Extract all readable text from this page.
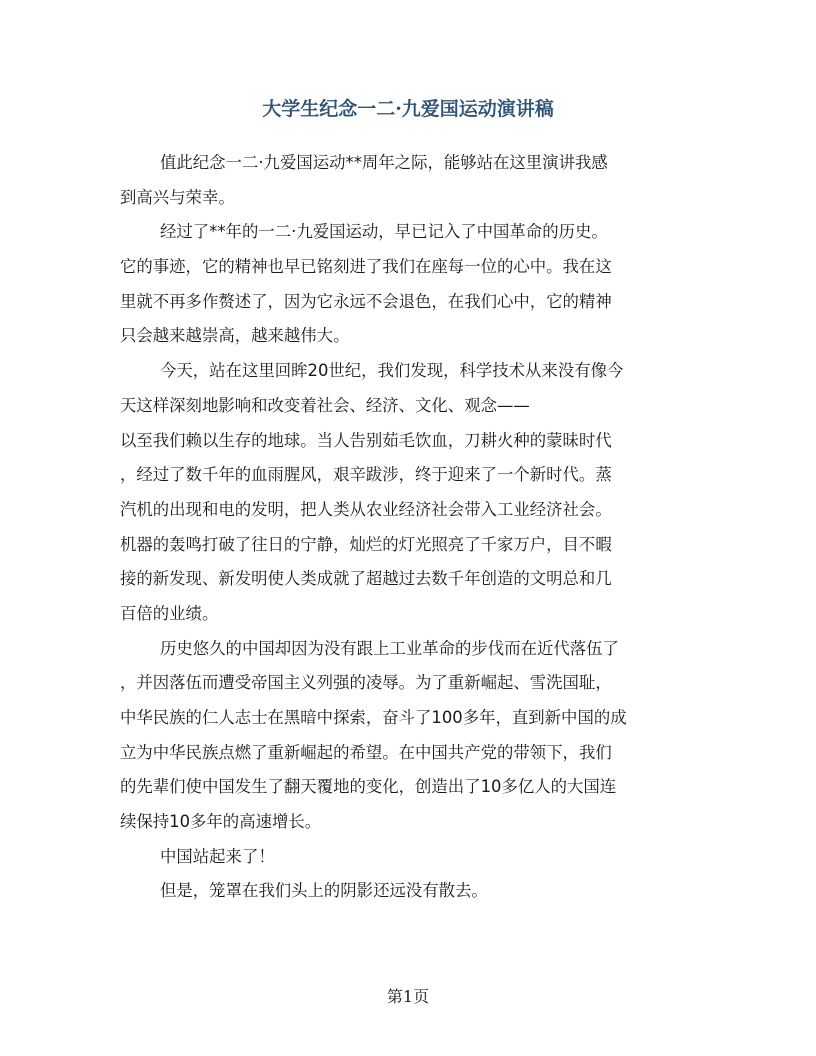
大学生纪念一二·九爱国运动演讲稿
值此纪念一二·九爱国运动**周年之际，能够站在这里演讲我感
到高兴与荣幸。
经过了**年的一二·九爱国运动，早已记入了中国革命的历史。
它的事迹，它的精神也早已铭刻进了我们在座每一位的心中。我在这
里就不再多作赘述了，因为它永远不会退色，在我们心中，它的精神
只会越来越崇高，越来越伟大。
今天，站在这里回眸20世纪，我们发现，科学技术从来没有像今
天这样深刻地影响和改变着社会、经济、文化、观念——
以至我们赖以生存的地球。当人告别茹毛饮血，刀耕火种的蒙昧时代
，经过了数千年的血雨腥风，艰辛跋涉，终于迎来了一个新时代。蒸
汽机的出现和电的发明，把人类从农业经济社会带入工业经济社会。
机器的轰鸣打破了往日的宁静，灿烂的灯光照亮了千家万户，目不暇
接的新发现、新发明使人类成就了超越过去数千年创造的文明总和几
百倍的业绩。
历史悠久的中国却因为没有跟上工业革命的步伐而在近代落伍了
，并因落伍而遭受帝国主义列强的凌辱。为了重新崛起、雪洗国耻，
中华民族的仁人志士在黑暗中探索，奋斗了100多年，直到新中国的成
立为中华民族点燃了重新崛起的希望。在中国共产党的带领下，我们
的先辈们使中国发生了翻天覆地的变化，创造出了10多亿人的大国连
续保持10多年的高速增长。
中国站起来了！
但是，笼罩在我们头上的阴影还远没有散去。
第1页
